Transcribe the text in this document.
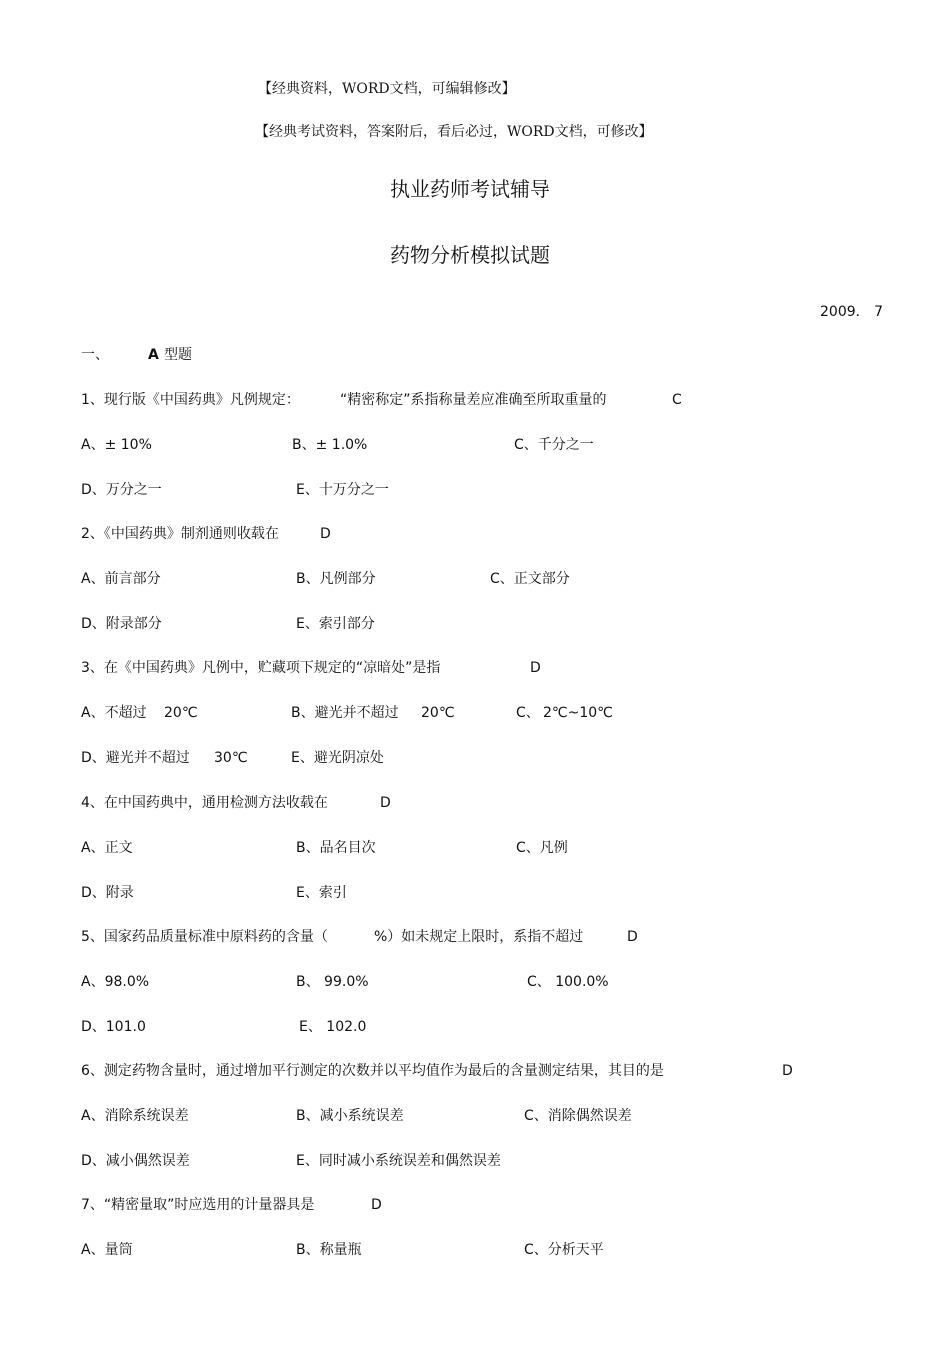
【经典资料，WORD文档，可编辑修改】
【经典考试资料，答案附后，看后必过，WORD文档，可修改】
执业药师考试辅导
药物分析模拟试题
2009． 7
一、	A 型题
1、现行版《中国药典》凡例规定：	“精密称定”系指称量差应准确至所取重量的	C
A、± 10%	B、± 1.0%	C、千分之一
D、万分之一	E、十万分之一
2、《中国药典》制剂通则收载在	D
A、前言部分	B、凡例部分	C、正文部分
D、附录部分	E、索引部分
3、在《中国药典》凡例中，贮藏项下规定的“凉暗处”是指	D
A、不超过 20℃	B、避光并不超过 20℃	C、 2℃~10℃
D、避光并不超过 30℃	E、避光阴凉处
4、在中国药典中，通用检测方法收载在	D
A、正文	B、品名目次	C、凡例
D、附录	E、索引
5、国家药品质量标准中原料药的含量（	%）如未规定上限时，系指不超过	D
A、98.0%	B、 99.0%	C、 100.0%
D、101.0	E、 102.0
6、测定药物含量时，通过增加平行测定的次数并以平均值作为最后的含量测定结果，其目的是	D
A、消除系统误差	B、减小系统误差	C、消除偶然误差
D、减小偶然误差	E、同时减小系统误差和偶然误差
7、“精密量取”时应选用的计量器具是	D
A、量筒	B、称量瓶	C、分析天平
